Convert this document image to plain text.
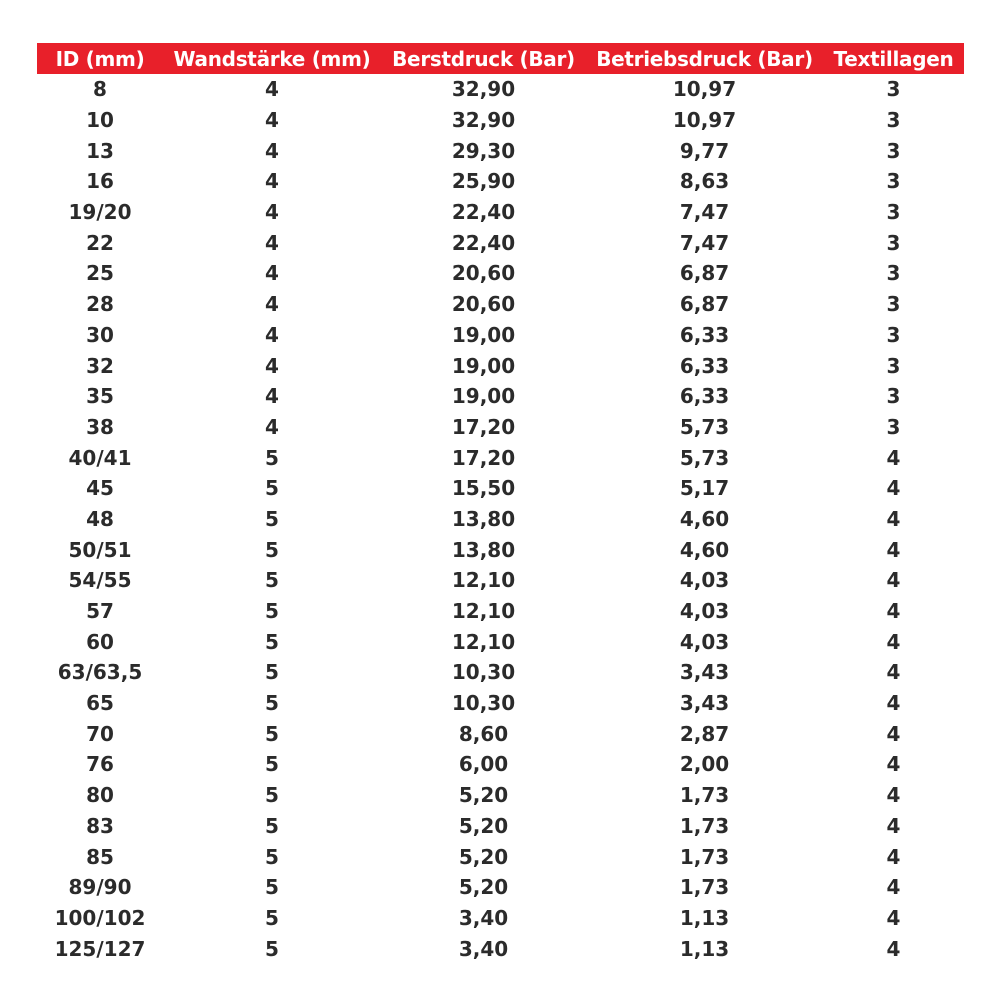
ID (mm)	Wandstärke (mm)	Berstdruck (Bar)	Betriebsdruck (Bar)	Textillagen
8	4	32,90	10,97	3
10	4	32,90	10,97	3
13	4	29,30	9,77	3
16	4	25,90	8,63	3
19/20	4	22,40	7,47	3
22	4	22,40	7,47	3
25	4	20,60	6,87	3
28	4	20,60	6,87	3
30	4	19,00	6,33	3
32	4	19,00	6,33	3
35	4	19,00	6,33	3
38	4	17,20	5,73	3
40/41	5	17,20	5,73	4
45	5	15,50	5,17	4
48	5	13,80	4,60	4
50/51	5	13,80	4,60	4
54/55	5	12,10	4,03	4
57	5	12,10	4,03	4
60	5	12,10	4,03	4
63/63,5	5	10,30	3,43	4
65	5	10,30	3,43	4
70	5	8,60	2,87	4
76	5	6,00	2,00	4
80	5	5,20	1,73	4
83	5	5,20	1,73	4
85	5	5,20	1,73	4
89/90	5	5,20	1,73	4
100/102	5	3,40	1,13	4
125/127	5	3,40	1,13	4
